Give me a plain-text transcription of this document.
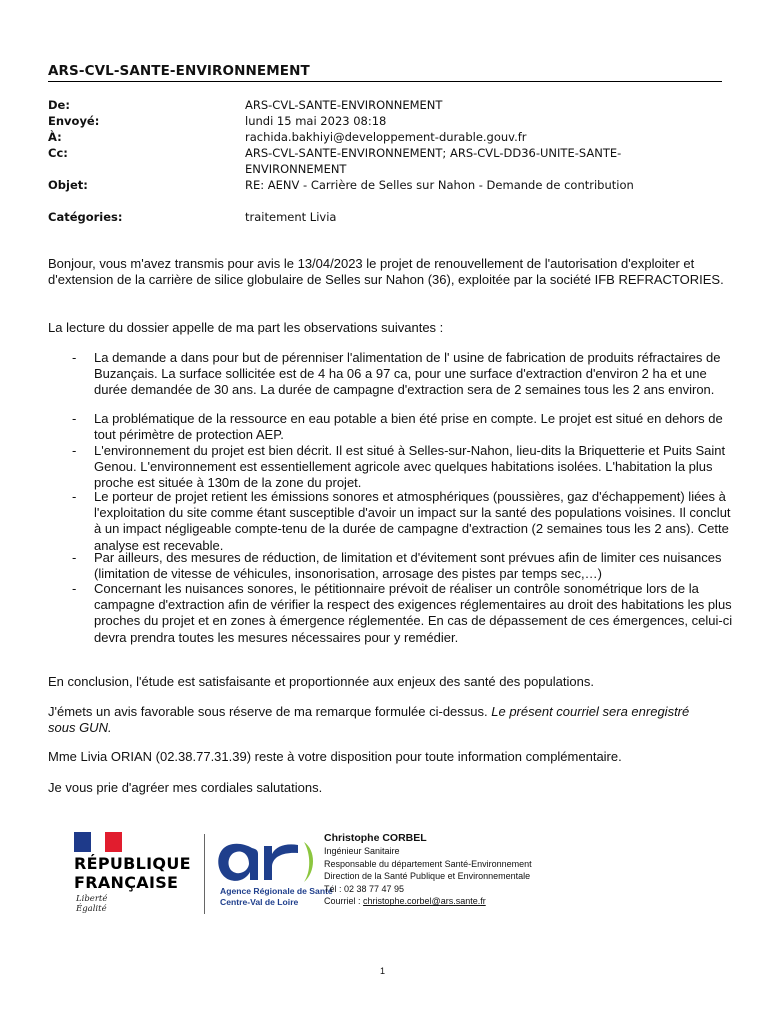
ARS-CVL-SANTE-ENVIRONNEMENT
De:	ARS-CVL-SANTE-ENVIRONNEMENT
Envoyé:	lundi 15 mai 2023 08:18
À:	rachida.bakhiyi@developpement-durable.gouv.fr
Cc:	ARS-CVL-SANTE-ENVIRONNEMENT; ARS-CVL-DD36-UNITE-SANTE-ENVIRONNEMENT
Objet:	RE: AENV - Carrière de Selles sur Nahon - Demande de contribution
Catégories:	traitement Livia
Bonjour, vous m'avez transmis pour avis le 13/04/2023 le projet de renouvellement de l'autorisation d'exploiter et d'extension de la carrière de silice globulaire de Selles sur Nahon (36), exploitée par la société IFB REFRACTORIES.
La lecture du dossier appelle de ma part les observations suivantes :
- La demande a dans pour but de pérenniser l'alimentation de l' usine de fabrication de produits réfractaires de Buzançais. La surface sollicitée est de 4 ha 06 a 97 ca, pour une surface d'extraction d'environ 2 ha et une durée demandée de 30 ans. La durée de campagne d'extraction sera de 2 semaines tous les 2 ans environ.
- La problématique de la ressource en eau potable a bien été prise en compte. Le projet est situé en dehors de tout périmètre de protection AEP.
- L'environnement du projet est bien décrit. Il est situé à Selles-sur-Nahon, lieu-dits la Briquetterie et Puits Saint Genou. L'environnement est essentiellement agricole avec quelques habitations isolées. L'habitation la plus proche est située à 130m de la zone du projet.
- Le porteur de projet retient les émissions sonores et atmosphériques (poussières, gaz d'échappement) liées à l'exploitation du site comme étant susceptible d'avoir un impact sur la santé des populations voisines. Il conclut à un impact négligeable compte-tenu de la durée de campagne d'extraction (2 semaines tous les 2 ans). Cette analyse est recevable.
- Par ailleurs, des mesures de réduction, de limitation et d'évitement sont prévues afin de limiter ces nuisances (limitation de vitesse de véhicules, insonorisation, arrosage des pistes par temps sec,…)
- Concernant les nuisances sonores, le pétitionnaire prévoit de réaliser un contrôle sonométrique lors de la campagne d'extraction afin de vérifier la respect des exigences réglementaires au droit des habitations les plus proches du projet et en zones à émergence réglementée. En cas de dépassement de ces émergences, celui-ci devra prendra toutes les mesures nécessaires pour y remédier.
En conclusion, l'étude est satisfaisante et proportionnée aux enjeux des santé des populations.
J'émets un avis favorable sous réserve de ma remarque formulée ci-dessus. Le présent courriel sera enregistré sous GUN.
Mme Livia ORIAN (02.38.77.31.39) reste à votre disposition pour toute information complémentaire.
Je vous prie d'agréer mes cordiales salutations.
RÉPUBLIQUE
FRANÇAISE
Liberté
Égalité
Agence Régionale de Santé
Centre-Val de Loire
Christophe CORBEL
Ingénieur Sanitaire
Responsable du département Santé-Environnement
Direction de la Santé Publique et Environnementale
Tél : 02 38 77 47 95
Courriel : christophe.corbel@ars.sante.fr
1
